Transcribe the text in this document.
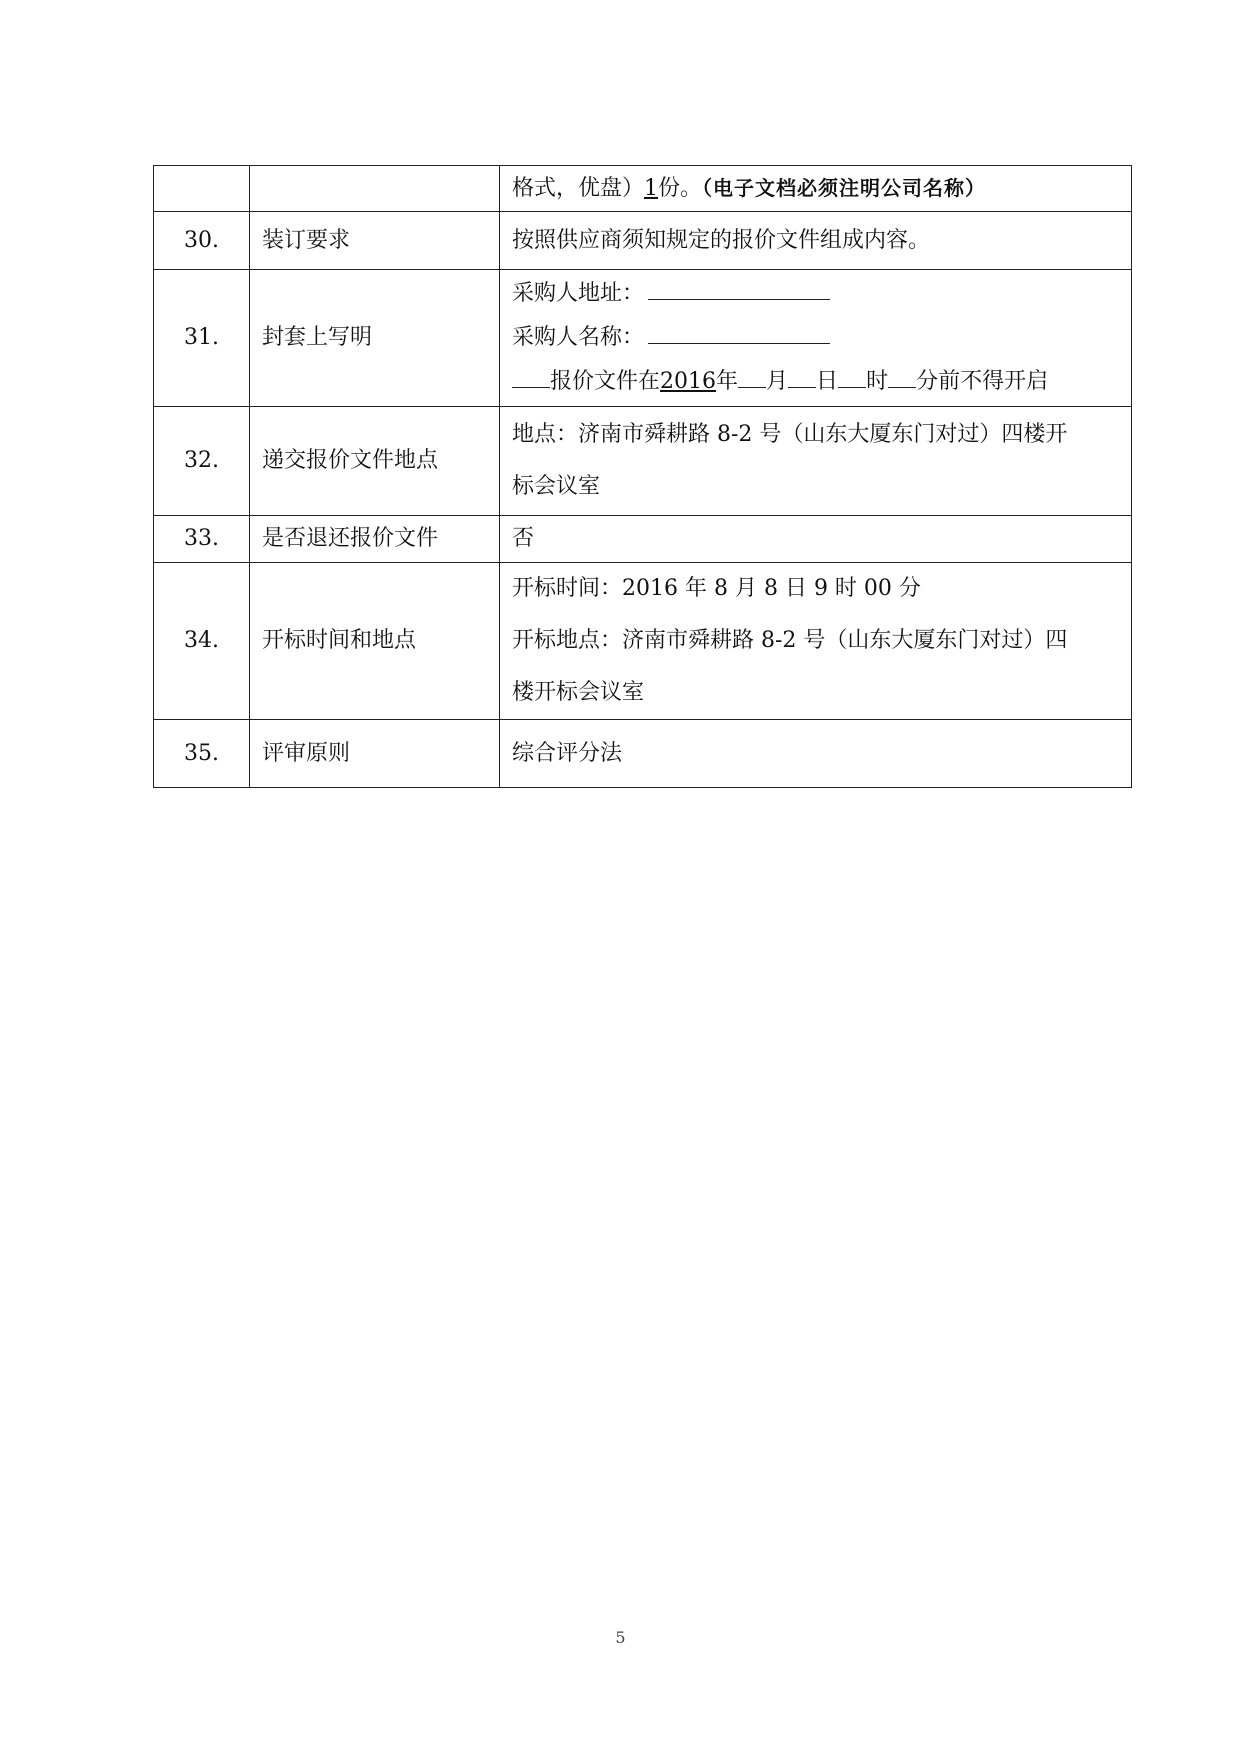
		格式，优盘）1份。（电子文档必须注明公司名称）

30.	装订要求	按照供应商须知规定的报价文件组成内容。
31.	封套上写明	采购人地址：
采购人名称：
报价文件在2016年 月 日 时 分前不得开启

32.	递交报价文件地点	地点：济南市舜耕路 8-2 号（山东大厦东门对过）四楼开
标会议室

33.	是否退还报价文件	否
34.	开标时间和地点	开标时间：2016 年 8 月 8 日 9 时 00 分
开标地点：济南市舜耕路 8-2 号（山东大厦东门对过）四
楼开标会议室

35.	评审原则	综合评分法
5
